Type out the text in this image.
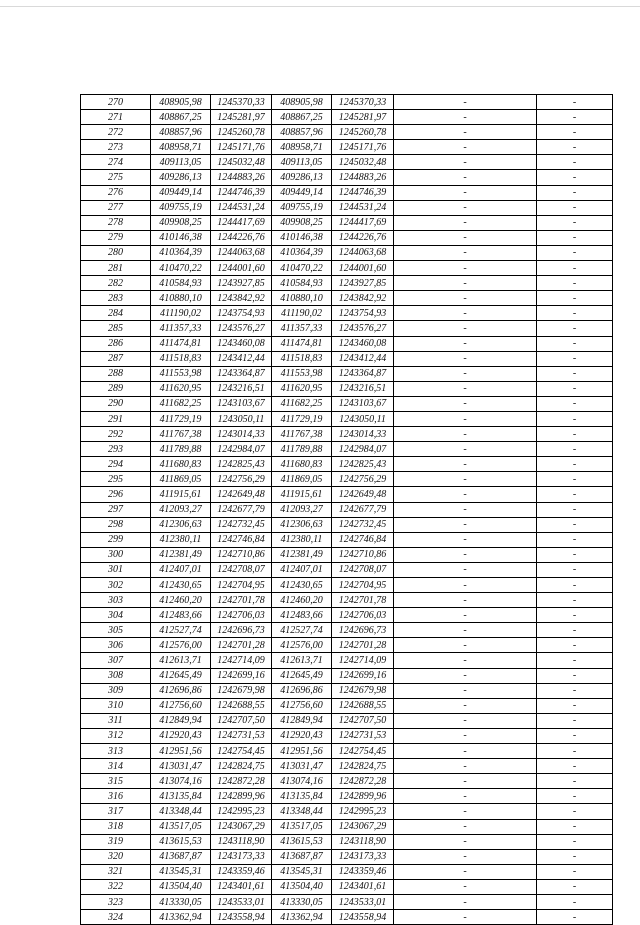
270	408905,98	1245370,33	408905,98	1245370,33	-	-
271	408867,25	1245281,97	408867,25	1245281,97	-	-
272	408857,96	1245260,78	408857,96	1245260,78	-	-
273	408958,71	1245171,76	408958,71	1245171,76	-	-
274	409113,05	1245032,48	409113,05	1245032,48	-	-
275	409286,13	1244883,26	409286,13	1244883,26	-	-
276	409449,14	1244746,39	409449,14	1244746,39	-	-
277	409755,19	1244531,24	409755,19	1244531,24	-	-
278	409908,25	1244417,69	409908,25	1244417,69	-	-
279	410146,38	1244226,76	410146,38	1244226,76	-	-
280	410364,39	1244063,68	410364,39	1244063,68	-	-
281	410470,22	1244001,60	410470,22	1244001,60	-	-
282	410584,93	1243927,85	410584,93	1243927,85	-	-
283	410880,10	1243842,92	410880,10	1243842,92	-	-
284	411190,02	1243754,93	411190,02	1243754,93	-	-
285	411357,33	1243576,27	411357,33	1243576,27	-	-
286	411474,81	1243460,08	411474,81	1243460,08	-	-
287	411518,83	1243412,44	411518,83	1243412,44	-	-
288	411553,98	1243364,87	411553,98	1243364,87	-	-
289	411620,95	1243216,51	411620,95	1243216,51	-	-
290	411682,25	1243103,67	411682,25	1243103,67	-	-
291	411729,19	1243050,11	411729,19	1243050,11	-	-
292	411767,38	1243014,33	411767,38	1243014,33	-	-
293	411789,88	1242984,07	411789,88	1242984,07	-	-
294	411680,83	1242825,43	411680,83	1242825,43	-	-
295	411869,05	1242756,29	411869,05	1242756,29	-	-
296	411915,61	1242649,48	411915,61	1242649,48	-	-
297	412093,27	1242677,79	412093,27	1242677,79	-	-
298	412306,63	1242732,45	412306,63	1242732,45	-	-
299	412380,11	1242746,84	412380,11	1242746,84	-	-
300	412381,49	1242710,86	412381,49	1242710,86	-	-
301	412407,01	1242708,07	412407,01	1242708,07	-	-
302	412430,65	1242704,95	412430,65	1242704,95	-	-
303	412460,20	1242701,78	412460,20	1242701,78	-	-
304	412483,66	1242706,03	412483,66	1242706,03	-	-
305	412527,74	1242696,73	412527,74	1242696,73	-	-
306	412576,00	1242701,28	412576,00	1242701,28	-	-
307	412613,71	1242714,09	412613,71	1242714,09	-	-
308	412645,49	1242699,16	412645,49	1242699,16	-	-
309	412696,86	1242679,98	412696,86	1242679,98	-	-
310	412756,60	1242688,55	412756,60	1242688,55	-	-
311	412849,94	1242707,50	412849,94	1242707,50	-	-
312	412920,43	1242731,53	412920,43	1242731,53	-	-
313	412951,56	1242754,45	412951,56	1242754,45	-	-
314	413031,47	1242824,75	413031,47	1242824,75	-	-
315	413074,16	1242872,28	413074,16	1242872,28	-	-
316	413135,84	1242899,96	413135,84	1242899,96	-	-
317	413348,44	1242995,23	413348,44	1242995,23	-	-
318	413517,05	1243067,29	413517,05	1243067,29	-	-
319	413615,53	1243118,90	413615,53	1243118,90	-	-
320	413687,87	1243173,33	413687,87	1243173,33	-	-
321	413545,31	1243359,46	413545,31	1243359,46	-	-
322	413504,40	1243401,61	413504,40	1243401,61	-	-
323	413330,05	1243533,01	413330,05	1243533,01	-	-
324	413362,94	1243558,94	413362,94	1243558,94	-	-
